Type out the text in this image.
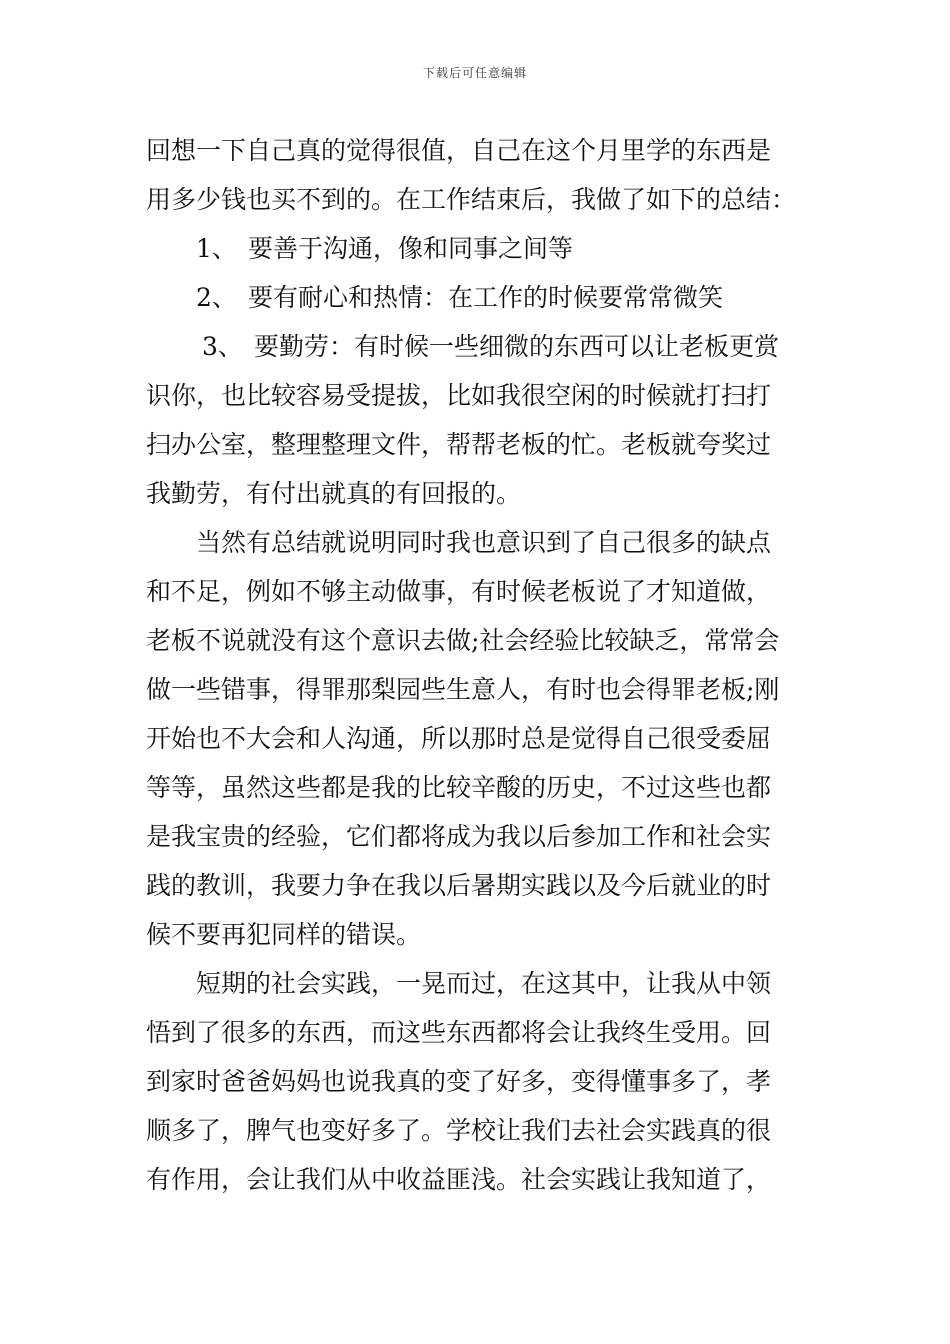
下载后可任意编辑
回想一下自己真的觉得很值，自己在这个月里学的东西是
用多少钱也买不到的。在工作结束后，我做了如下的总结：
1、 要善于沟通，像和同事之间等
2、 要有耐心和热情：在工作的时候要常常微笑
3、 要勤劳：有时候一些细微的东西可以让老板更赏
识你，也比较容易受提拔，比如我很空闲的时候就打扫打
扫办公室，整理整理文件，帮帮老板的忙。老板就夸奖过
我勤劳，有付出就真的有回报的。
当然有总结就说明同时我也意识到了自己很多的缺点
和不足，例如不够主动做事，有时候老板说了才知道做，
老板不说就没有这个意识去做;社会经验比较缺乏，常常会
做一些错事，得罪那梨园些生意人，有时也会得罪老板;刚
开始也不大会和人沟通，所以那时总是觉得自己很受委屈
等等，虽然这些都是我的比较辛酸的历史，不过这些也都
是我宝贵的经验，它们都将成为我以后参加工作和社会实
践的教训，我要力争在我以后暑期实践以及今后就业的时
候不要再犯同样的错误。
短期的社会实践，一晃而过，在这其中，让我从中领
悟到了很多的东西，而这些东西都将会让我终生受用。回
到家时爸爸妈妈也说我真的变了好多，变得懂事多了，孝
顺多了，脾气也变好多了。学校让我们去社会实践真的很
有作用，会让我们从中收益匪浅。社会实践让我知道了，
